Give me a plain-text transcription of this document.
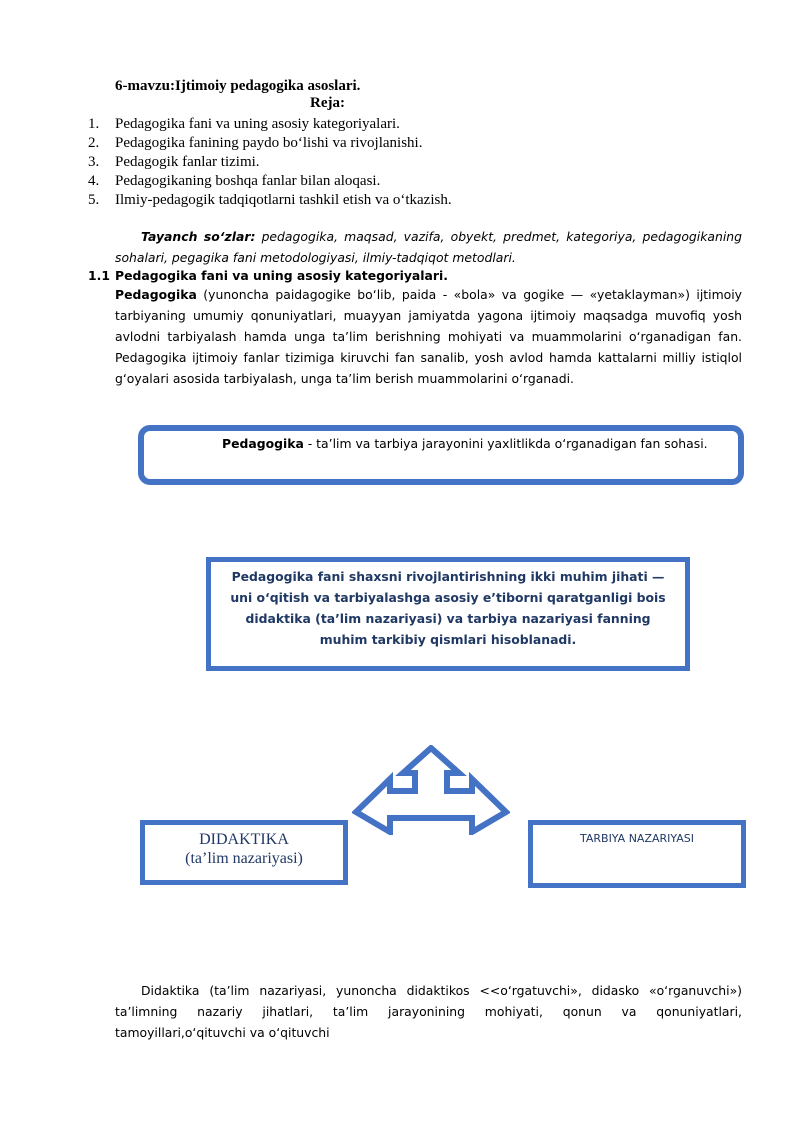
6-mavzu:Ijtimoiy pedagogika asoslari.
Reja:
1. Pedagogika fani va uning asosiy kategoriyalari.
2. Pedagogika fanining paydo bo‘lishi va rivojlanishi.
3. Pedagogik fanlar tizimi.
4. Pedagogikaning boshqa fanlar bilan aloqasi.
5. Ilmiy-pedagogik tadqiqotlarni tashkil etish va o‘tkazish.
Tayanch so‘zlar: pedagogika, maqsad, vazifa, obyekt, predmet, kategoriya, pedagogikaning sohalari, pegagika fani metodologiyasi, ilmiy-tadqiqot metodlari.
1.1 Pedagogika fani va uning asosiy kategoriyalari.
Pedagogika (yunoncha paidagogike bo‘lib, paida - «bola» va gogike — «yetaklayman») ijtimoiy tarbiyaning umumiy qonuniyatlari, muayyan jamiyatda yagona ijtimoiy maqsadga muvofiq yosh avlodni tarbiyalash hamda unga ta’lim berishning mohiyati va muammolarini o‘rganadigan fan. Pedagogika ijtimoiy fanlar tizimiga kiruvchi fan sanalib, yosh avlod hamda kattalarni milliy istiqlol g‘oyalari asosida tarbiyalash, unga ta’lim berish muammolarini o‘rganadi.
Pedagogika - ta’lim va tarbiya jarayonini yaxlitlikda o‘rganadigan fan sohasi.
Pedagogika fani shaxsni rivojlantirishning ikki muhim jihati — uni o‘qitish va tarbiyalashga asosiy e’tiborni qaratganligi bois didaktika (ta’lim nazariyasi) va tarbiya nazariyasi fanning muhim tarkibiy qismlari hisoblanadi.
DIDAKTIKA
(ta’lim nazariyasi)
TARBIYA NAZARIYASI
Didaktika (ta’lim nazariyasi, yunoncha didaktikos <<o‘rgatuvchi», didasko «o‘rganuvchi») ta’limning nazariy jihatlari, ta’lim jarayonining mohiyati, qonun va qonuniyatlari, tamoyillari,o‘qituvchi va o‘qituvchi
